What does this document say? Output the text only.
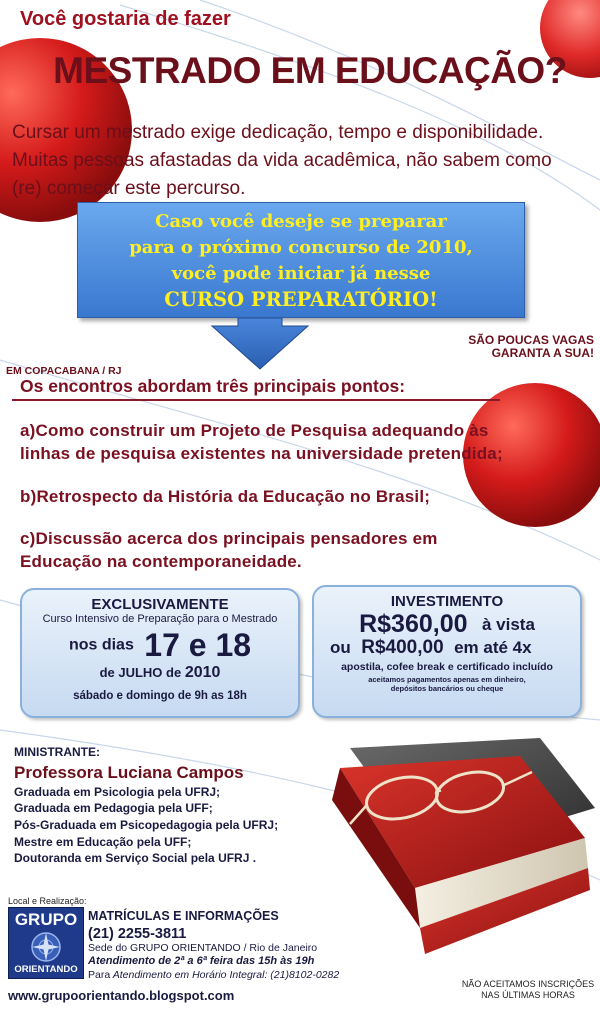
Você gostaria de fazer
MESTRADO EM EDUCAÇÃO?
Cursar um mestrado exige dedicação, tempo e disponibilidade.
Muitas pessoas afastadas da vida acadêmica, não sabem como
(re) começar este percurso.
Caso você deseje se preparar
para o próximo concurso de 2010,
você pode iniciar já nesse
CURSO PREPARATÓRIO!
SÃO POUCAS VAGAS
GARANTA A SUA!
EM COPACABANA / RJ
Os encontros abordam três principais pontos:
a)Como construir um Projeto de Pesquisa adequando às
linhas de pesquisa existentes na universidade pretendida;
b)Retrospecto da História da Educação no Brasil;
c)Discussão acerca dos principais pensadores em
Educação na contemporaneidade.
EXCLUSIVAMENTE
Curso Intensivo de Preparação para o Mestrado
nos dias 17 e 18
de JULHO de 2010
sábado e domingo de 9h as 18h
INVESTIMENTO
R$360,00 à vista
ou R$400,00 em até 4x
apostila, cofee break e certificado incluído
aceitamos pagamentos apenas em dinheiro,
depósitos bancários ou cheque
MINISTRANTE:
Professora Luciana Campos
Graduada em Psicologia pela UFRJ;
Graduada em Pedagogia pela UFF;
Pós-Graduada em Psicopedagogia pela UFRJ;
Mestre em Educação pela UFF;
Doutoranda em Serviço Social pela UFRJ .
Local e Realização:
GRUPO
ORIENTANDO
MATRÍCULAS E INFORMAÇÕES
(21) 2255-3811
Sede do GRUPO ORIENTANDO / Rio de Janeiro
Atendimento de 2ª a 6ª feira das 15h às 19h
Para Atendimento em Horário Integral: (21)8102-0282
www.grupoorientando.blogspot.com
NÃO ACEITAMOS INSCRIÇÕES
NAS ÚLTIMAS HORAS
